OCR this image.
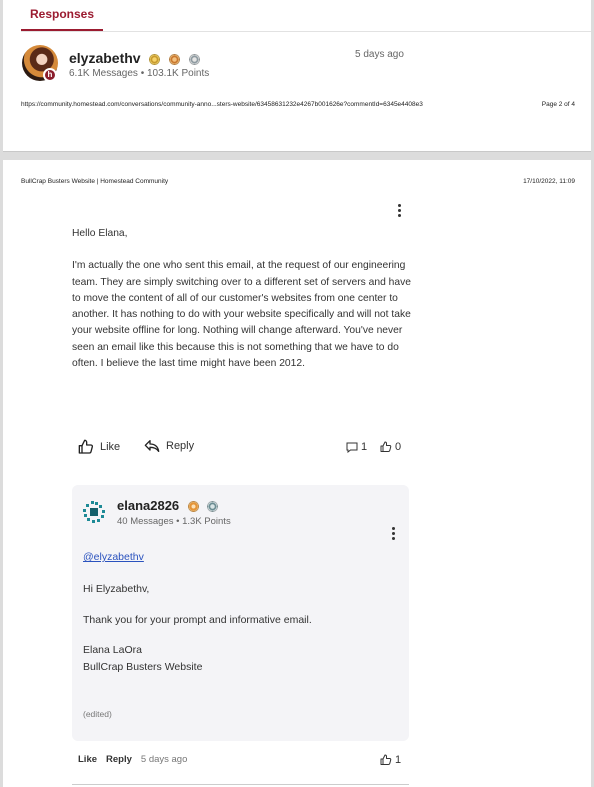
Responses
h
elyzabethv
6.1K Messages • 103.1K Points
5 days ago
https://community.homestead.com/conversations/community-anno...sters-website/63458631232e4267b001626e?commentId=6345e4408e3	Page 2 of 4
BullCrap Busters Website | Homestead Community	17/10/2022, 11:09

Hello Elana,

I'm actually the one who sent this email, at the request of our engineering team. They are simply switching over to a different set of servers and have to move the content of all of our customer's websites from one center to another. It has nothing to do with your website specifically and will not take your website offline for long. Nothing will change afterward. You've never seen an email like this because this is not something that we have to do often. I believe the last time might have been 2012.

Like	Reply	1	0
elana2826
40 Messages • 1.3K Points
@elyzabethv

Hi Elyzabethv,

Thank you for your prompt and informative email.

Elana LaOra
BullCrap Busters Website
(edited)
Like Reply 5 days ago	1
